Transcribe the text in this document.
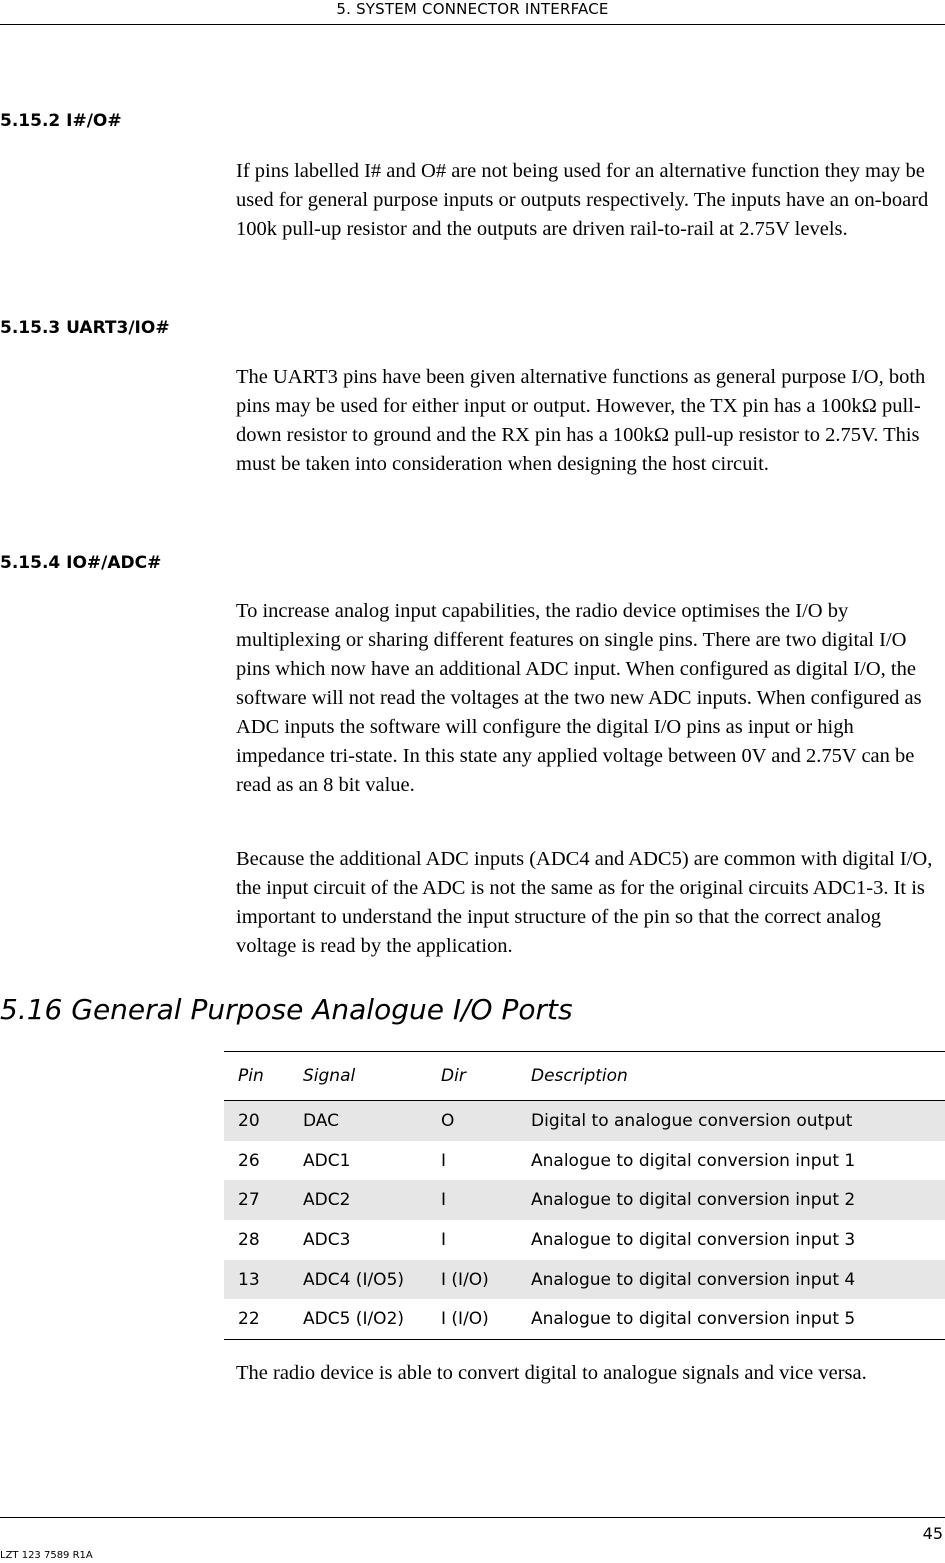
5. SYSTEM CONNECTOR INTERFACE
5.15.2 I#/O#

If pins labelled I# and O# are not being used for an alternative function they may be used for general purpose inputs or outputs respectively. The inputs have an on-board 100k pull-up resistor and the outputs are driven rail-to-rail at 2.75V levels.

5.15.3 UART3/IO#

The UART3 pins have been given alternative functions as general purpose I/O, both pins may be used for either input or output. However, the TX pin has a 100kΩ pull-down resistor to ground and the RX pin has a 100kΩ pull-up resistor to 2.75V. This must be taken into consideration when designing the host circuit.

5.15.4 IO#/ADC#

To increase analog input capabilities, the radio device optimises the I/O by multiplexing or sharing different features on single pins. There are two digital I/O pins which now have an additional ADC input. When configured as digital I/O, the software will not read the voltages at the two new ADC inputs. When configured as ADC inputs the software will configure the digital I/O pins as input or high impedance tri-state. In this state any applied voltage between 0V and 2.75V can be read as an 8 bit value.

Because the additional ADC inputs (ADC4 and ADC5) are common with digital I/O, the input circuit of the ADC is not the same as for the original circuits ADC1-3. It is important to understand the input structure of the pin so that the correct analog voltage is read by the application.

5.16 General Purpose Analogue I/O Ports
Pin	Signal	Dir	Description
20	DAC	O	Digital to analogue conversion output
26	ADC1	I	Analogue to digital conversion input 1
27	ADC2	I	Analogue to digital conversion input 2
28	ADC3	I	Analogue to digital conversion input 3
13	ADC4 (I/O5)	I (I/O)	Analogue to digital conversion input 4
22	ADC5 (I/O2)	I (I/O)	Analogue to digital conversion input 5

The radio device is able to convert digital to analogue signals and vice versa.

45
LZT 123 7589 R1A
